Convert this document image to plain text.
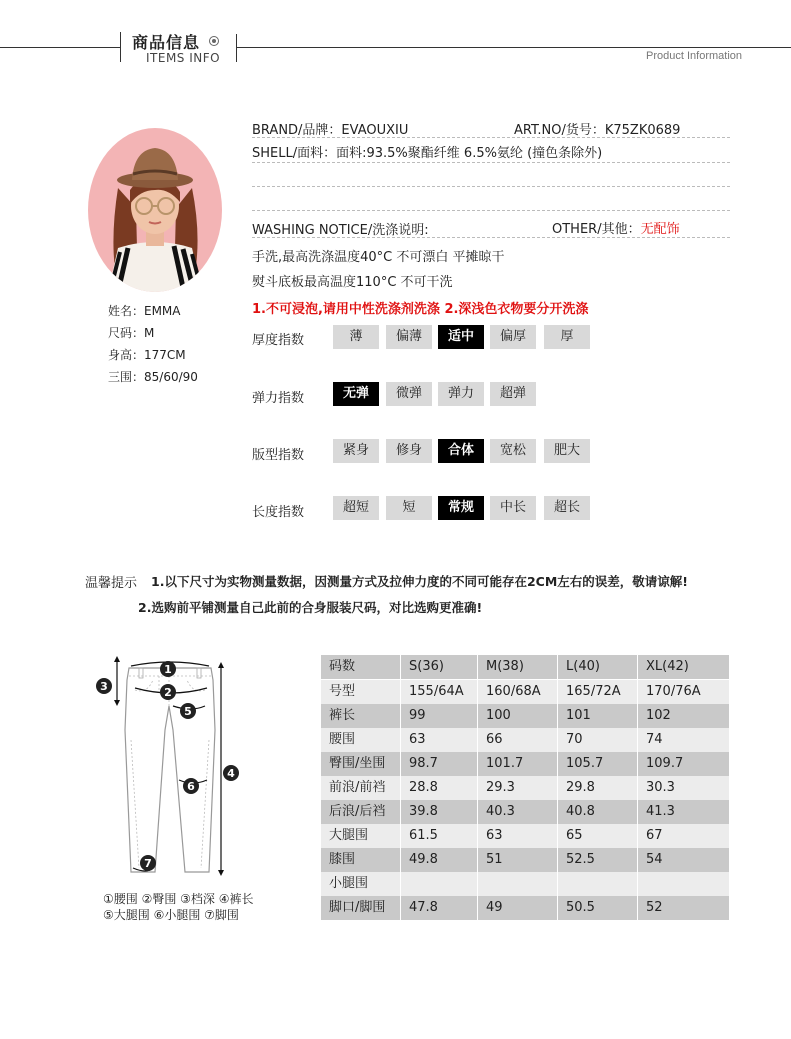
商品信息
ITEMS INFO	Product Information
姓名：EMMA
尺码：M
身高：177CM
三围：85/60/90
BRAND/品牌：EVAOUXIU	ART.NO/货号：K75ZK0689
SHELL/面料：面料:93.5%聚酯纤维 6.5%氨纶 (撞色条除外)
WASHING NOTICE/洗涤说明:	OTHER/其他：无配饰
手洗,最高洗涤温度40°C 不可漂白 平摊晾干
熨斗底板最高温度110°C 不可干洗
1.不可浸泡,请用中性洗涤剂洗涤 2.深浅色衣物要分开洗涤
厚度指数	薄	偏薄	适中	偏厚	厚
弹力指数	无弹	微弹	弹力	超弹
版型指数	紧身	修身	合体	宽松	肥大
长度指数	超短	短	常规	中长	超长
温馨提示 1.以下尺寸为实物测量数据，因测量方式及拉伸力度的不同可能存在2CM左右的误差，敬请谅解!
2.选购前平铺测量自己此前的合身服装尺码，对比选购更准确!
1
2
3
4
5
6
7
①腰围 ②臀围 ③档深 ④裤长
⑤大腿围 ⑥小腿围 ⑦脚围
码数	S(36)	M(38)	L(40)	XL(42)
号型	155/64A	160/68A	165/72A	170/76A
裤长	99	100	101	102
腰围	63	66	70	74
臀围/坐围	98.7	101.7	105.7	109.7
前浪/前裆	28.8	29.3	29.8	30.3
后浪/后裆	39.8	40.3	40.8	41.3
大腿围	61.5	63	65	67
膝围	49.8	51	52.5	54
小腿围
脚口/脚围	47.8	49	50.5	52
